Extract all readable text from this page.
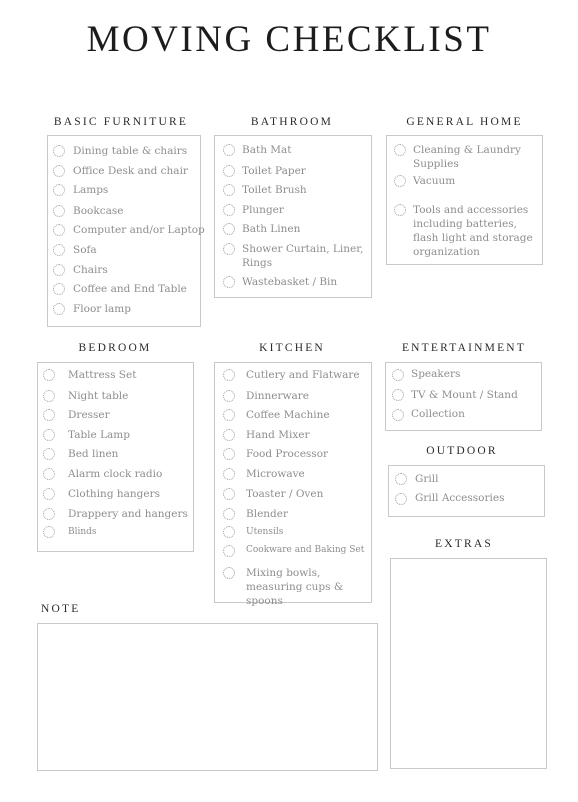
MOVING CHECKLIST
BASIC FURNITURE
Dining table & chairs
Office Desk and chair
Lamps
Bookcase
Computer and/or Laptop
Sofa
Chairs
Coffee and End Table
Floor lamp
BATHROOM
Bath Mat
Toilet Paper
Toilet Brush
Plunger
Bath Linen
Shower Curtain, Liner, Rings
Wastebasket / Bin
GENERAL HOME
Cleaning & Laundry Supplies
Vacuum
Tools and accessories including batteries, flash light and storage organization
BEDROOM
Mattress Set
Night table
Dresser
Table Lamp
Bed linen
Alarm clock radio
Clothing hangers
Drappery and hangers
Blinds
KITCHEN
Cutlery and Flatware
Dinnerware
Coffee Machine
Hand Mixer
Food Processor
Microwave
Toaster / Oven
Blender
Utensils
Cookware and Baking Set
Mixing bowls, measuring cups & spoons
ENTERTAINMENT
Speakers
TV & Mount / Stand
Collection
OUTDOOR
Grill
Grill Accessories
EXTRAS
NOTE
